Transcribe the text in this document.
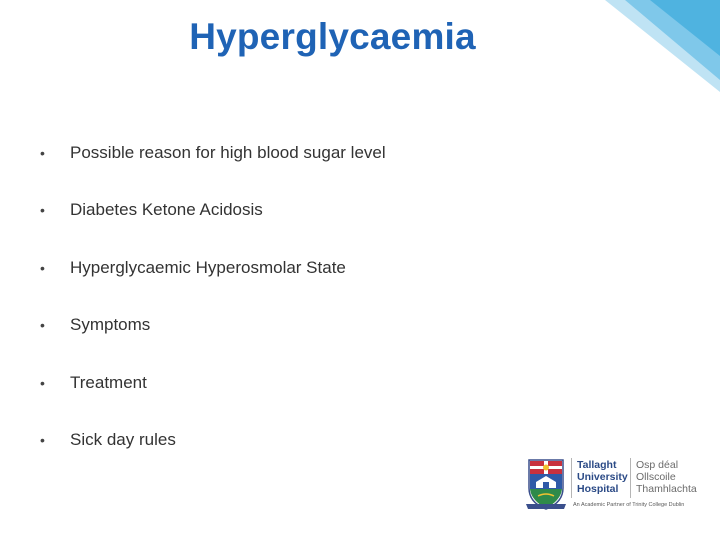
Hyperglycaemia
•	Possible reason for high blood sugar level
•	Diabetes Ketone Acidosis
•	Hyperglycaemic Hyperosmolar State
•	Symptoms
•	Treatment
•	Sick day rules
Tallaght
University
Hospital
Osp déal
Ollscoile
Thamhlachta
An Academic Partner of Trinity College Dublin
